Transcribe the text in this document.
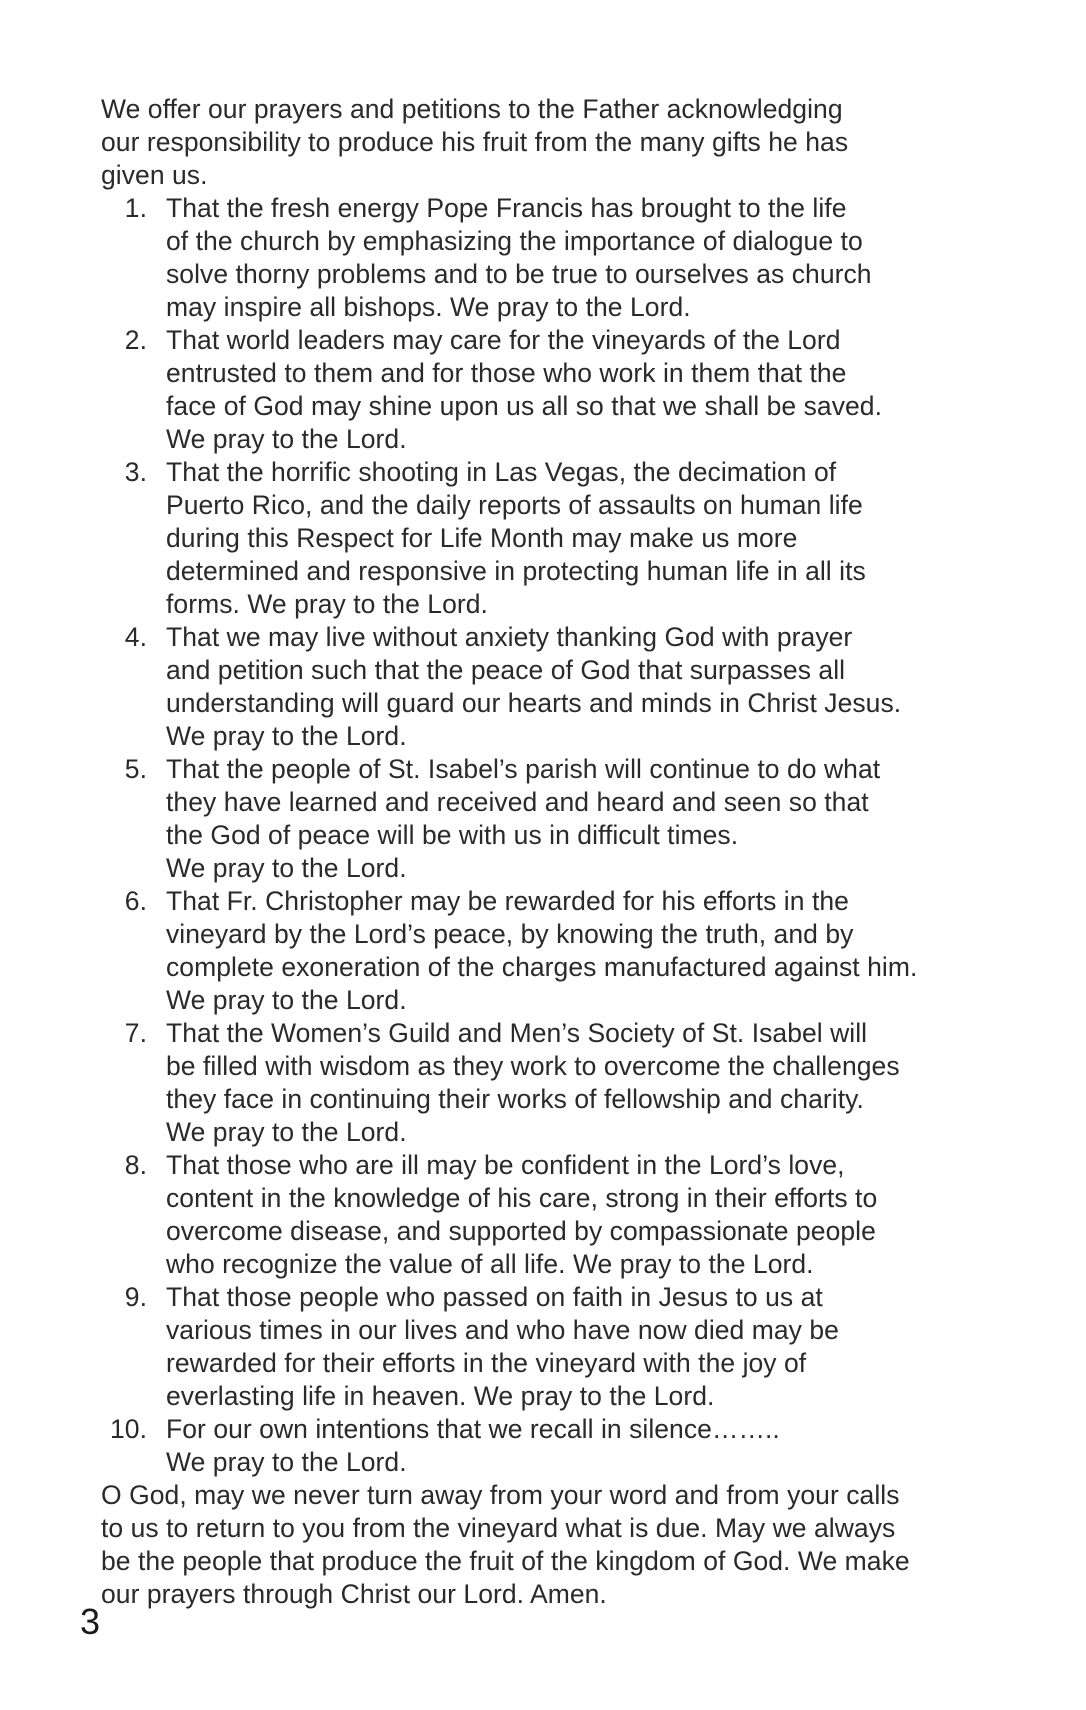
We offer our prayers and petitions to the Father acknowledging
our responsibility to produce his fruit from the many gifts he has
given us.

1. That the fresh energy Pope Francis has brought to the life
of the church by emphasizing the importance of dialogue to
solve thorny problems and to be true to ourselves as church
may inspire all bishops. We pray to the Lord.
2. That world leaders may care for the vineyards of the Lord
entrusted to them and for those who work in them that the
face of God may shine upon us all so that we shall be saved.
We pray to the Lord.
3. That the horrific shooting in Las Vegas, the decimation of
Puerto Rico, and the daily reports of assaults on human life
during this Respect for Life Month may make us more
determined and responsive in protecting human life in all its
forms. We pray to the Lord.
4. That we may live without anxiety thanking God with prayer
and petition such that the peace of God that surpasses all
understanding will guard our hearts and minds in Christ Jesus.
We pray to the Lord.
5. That the people of St. Isabel’s parish will continue to do what
they have learned and received and heard and seen so that
the God of peace will be with us in difficult times.
We pray to the Lord.
6. That Fr. Christopher may be rewarded for his efforts in the
vineyard by the Lord’s peace, by knowing the truth, and by
complete exoneration of the charges manufactured against him.
We pray to the Lord.
7. That the Women’s Guild and Men’s Society of St. Isabel will
be filled with wisdom as they work to overcome the challenges
they face in continuing their works of fellowship and charity.
We pray to the Lord.
8. That those who are ill may be confident in the Lord’s love,
content in the knowledge of his care, strong in their efforts to
overcome disease, and supported by compassionate people
who recognize the value of all life. We pray to the Lord.
9. That those people who passed on faith in Jesus to us at
various times in our lives and who have now died may be
rewarded for their efforts in the vineyard with the joy of
everlasting life in heaven. We pray to the Lord.
10. For our own intentions that we recall in silence……..
We pray to the Lord.

O God, may we never turn away from your word and from your calls
to us to return to you from the vineyard what is due. May we always
be the people that produce the fruit of the kingdom of God. We make
our prayers through Christ our Lord. Amen.

3
